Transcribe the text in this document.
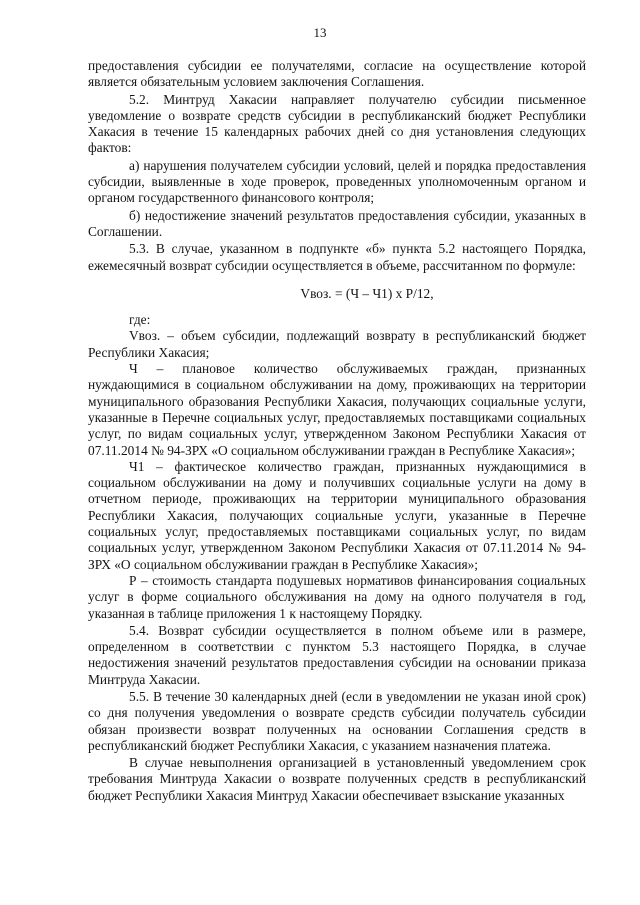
13

предоставления субсидии ее получателями, согласие на осуществление которой является обязательным условием заключения Соглашения.

5.2. Минтруд Хакасии направляет получателю субсидии письменное уведомление о возврате средств субсидии в республиканский бюджет Республики Хакасия в течение 15 календарных рабочих дней со дня установления следующих фактов:

а) нарушения получателем субсидии условий, целей и порядка предоставления субсидии, выявленные в ходе проверок, проведенных уполномоченным органом и органом государственного финансового контроля;

б) недостижение значений результатов предоставления субсидии, указанных в Соглашении.

5.3. В случае, указанном в подпункте «б» пункта 5.2 настоящего Порядка, ежемесячный возврат субсидии осуществляется в объеме, рассчитанном по формуле:

Vвоз. = (Ч – Ч1) х Р/12,

где:

Vвоз. – объем субсидии, подлежащий возврату в республиканский бюджет Республики Хакасия;

Ч – плановое количество обслуживаемых граждан, признанных нуждающимися в социальном обслуживании на дому, проживающих на территории муниципального образования Республики Хакасия, получающих социальные услуги, указанные в Перечне социальных услуг, предоставляемых поставщиками социальных услуг, по видам социальных услуг, утвержденном Законом Республики Хакасия от 07.11.2014 № 94-ЗРХ «О социальном обслуживании граждан в Республике Хакасия»;

Ч1 – фактическое количество граждан, признанных нуждающимися в социальном обслуживании на дому и получивших социальные услуги на дому в отчетном периоде, проживающих на территории муниципального образования Республики Хакасия, получающих социальные услуги, указанные в Перечне социальных услуг, предоставляемых поставщиками социальных услуг, по видам социальных услуг, утвержденном Законом Республики Хакасия от 07.11.2014 № 94-ЗРХ «О социальном обслуживании граждан в Республике Хакасия»;

Р – стоимость стандарта подушевых нормативов финансирования социальных услуг в форме социального обслуживания на дому на одного получателя в год, указанная в таблице приложения 1 к настоящему Порядку.

5.4. Возврат субсидии осуществляется в полном объеме или в размере, определенном в соответствии с пунктом 5.3 настоящего Порядка, в случае недостижения значений результатов предоставления субсидии на основании приказа Минтруда Хакасии.

5.5. В течение 30 календарных дней (если в уведомлении не указан иной срок) со дня получения уведомления о возврате средств субсидии получатель субсидии обязан произвести возврат полученных на основании Соглашения средств в республиканский бюджет Республики Хакасия, с указанием назначения платежа.

В случае невыполнения организацией в установленный уведомлением срок требования Минтруда Хакасии о возврате полученных средств в республиканский бюджет Республики Хакасия Минтруд Хакасии обеспечивает взыскание указанных
